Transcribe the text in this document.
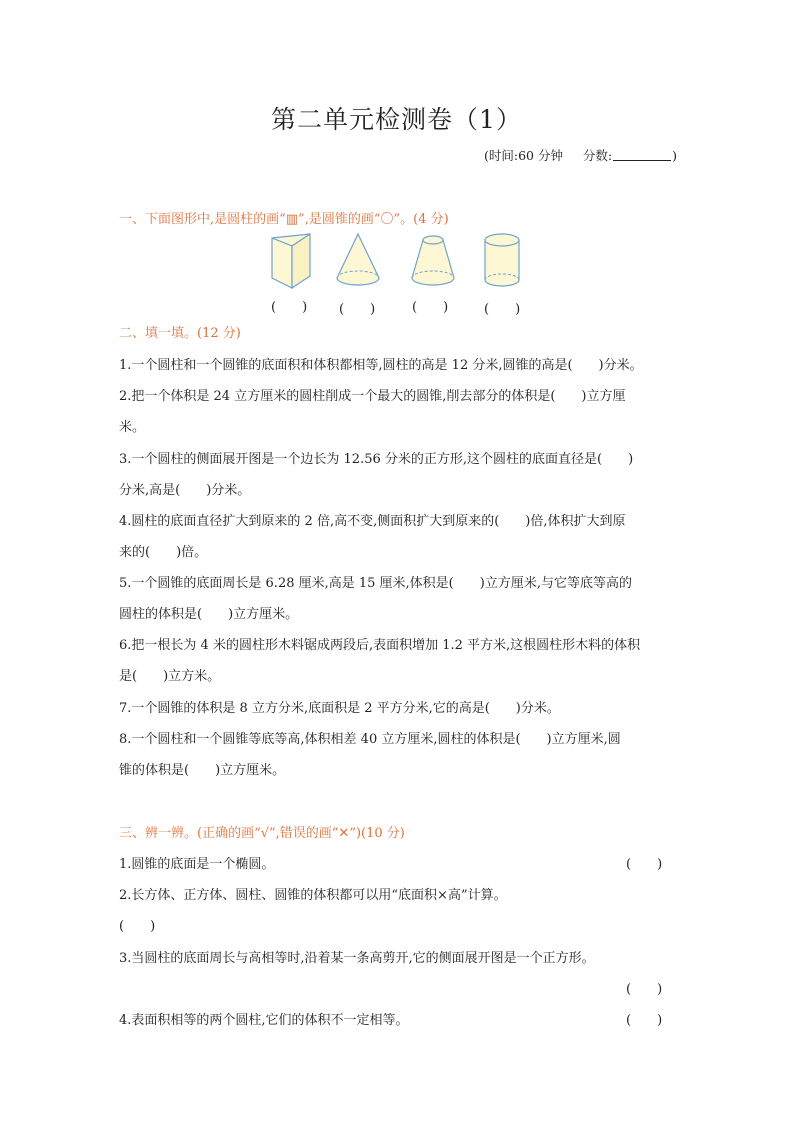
第二单元检测卷（1）
(时间:60 分钟 分数:	)
一、下面图形中,是圆柱的画“▥”,是圆锥的画“〇”。(4 分)
(　　) (　　)	(　　)	(　　)
二、填一填。(12 分)
1.一个圆柱和一个圆锥的底面积和体积都相等,圆柱的高是 12 分米,圆锥的高是(　　)分米。
2.把一个体积是 24 立方厘米的圆柱削成一个最大的圆锥,削去部分的体积是(　　)立方厘
米。
3.一个圆柱的侧面展开图是一个边长为 12.56 分米的正方形,这个圆柱的底面直径是(　　)
分米,高是(　　)分米。
4.圆柱的底面直径扩大到原来的 2 倍,高不变,侧面积扩大到原来的(　　)倍,体积扩大到原
来的(　　)倍。
5.一个圆锥的底面周长是 6.28 厘米,高是 15 厘米,体积是(　　)立方厘米,与它等底等高的
圆柱的体积是(　　)立方厘米。
6.把一根长为 4 米的圆柱形木料锯成两段后,表面积增加 1.2 平方米,这根圆柱形木料的体积
是(　　)立方米。
7.一个圆锥的体积是 8 立方分米,底面积是 2 平方分米,它的高是(　　)分米。
8.一个圆柱和一个圆锥等底等高,体积相差 40 立方厘米,圆柱的体积是(　　)立方厘米,圆
锥的体积是(　　)立方厘米。
三、辨一辨。(正确的画“√”,错误的画“✕”)(10 分)
1.圆锥的底面是一个椭圆。	(　　)
2.长方体、正方体、圆柱、圆锥的体积都可以用“底面积×高”计算。
(　　)
3.当圆柱的底面周长与高相等时,沿着某一条高剪开,它的侧面展开图是一个正方形。
(　　)
4.表面积相等的两个圆柱,它们的体积不一定相等。	(　　)
